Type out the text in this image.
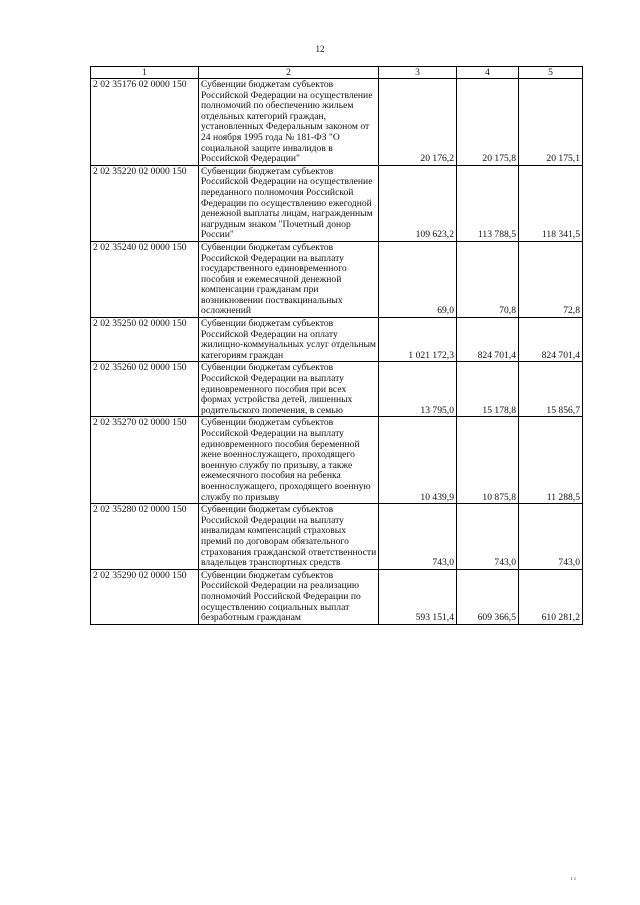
12
1	2	3	4	5
2 02 35176 02 0000 150	Субвенции бюджетам субъектов Российской Федерации на осуществление полномочий по обеспечению жильем отдельных категорий граждан, установленных Федеральным законом от 24 ноября 1995 года № 181-ФЗ "О социальной защите инвалидов в Российской Федерации"	20 176,2	20 175,8	20 175,1
2 02 35220 02 0000 150	Субвенции бюджетам субъектов Российской Федерации на осуществление переданного полномочия Российской Федерации по осуществлению ежегодной денежной выплаты лицам, награжденным нагрудным знаком "Почетный донор России"	109 623,2	113 788,5	118 341,5
2 02 35240 02 0000 150	Субвенции бюджетам субъектов Российской Федерации на выплату государственного единовременного пособия и ежемесячной денежной компенсации гражданам при возникновении поствакцинальных осложнений	69,0	70,8	72,8
2 02 35250 02 0000 150	Субвенции бюджетам субъектов Российской Федерации на оплату жилищно-коммунальных услуг отдельным категориям граждан	1 021 172,3	824 701,4	824 701,4
2 02 35260 02 0000 150	Субвенции бюджетам субъектов Российской Федерации на выплату единовременного пособия при всех формах устройства детей, лишенных родительского попечения, в семью	13 795,0	15 178,8	15 856,7
2 02 35270 02 0000 150	Субвенции бюджетам субъектов Российской Федерации на выплату единовременного пособия беременной жене военнослужащего, проходящего военную службу по призыву, а также ежемесячного пособия на ребенка военнослужащего, проходящего военную службу по призыву	10 439,9	10 875,8	11 288,5
2 02 35280 02 0000 150	Субвенции бюджетам субъектов Российской Федерации на выплату инвалидам компенсаций страховых премий по договорам обязательного страхования гражданской ответственности владельцев транспортных средств	743,0	743,0	743,0
2 02 35290 02 0000 150	Субвенции бюджетам субъектов Российской Федерации на реализацию полномочий Российской Федерации по осуществлению социальных выплат безработным гражданам	593 151,4	609 366,5	610 281,2
ı ı
